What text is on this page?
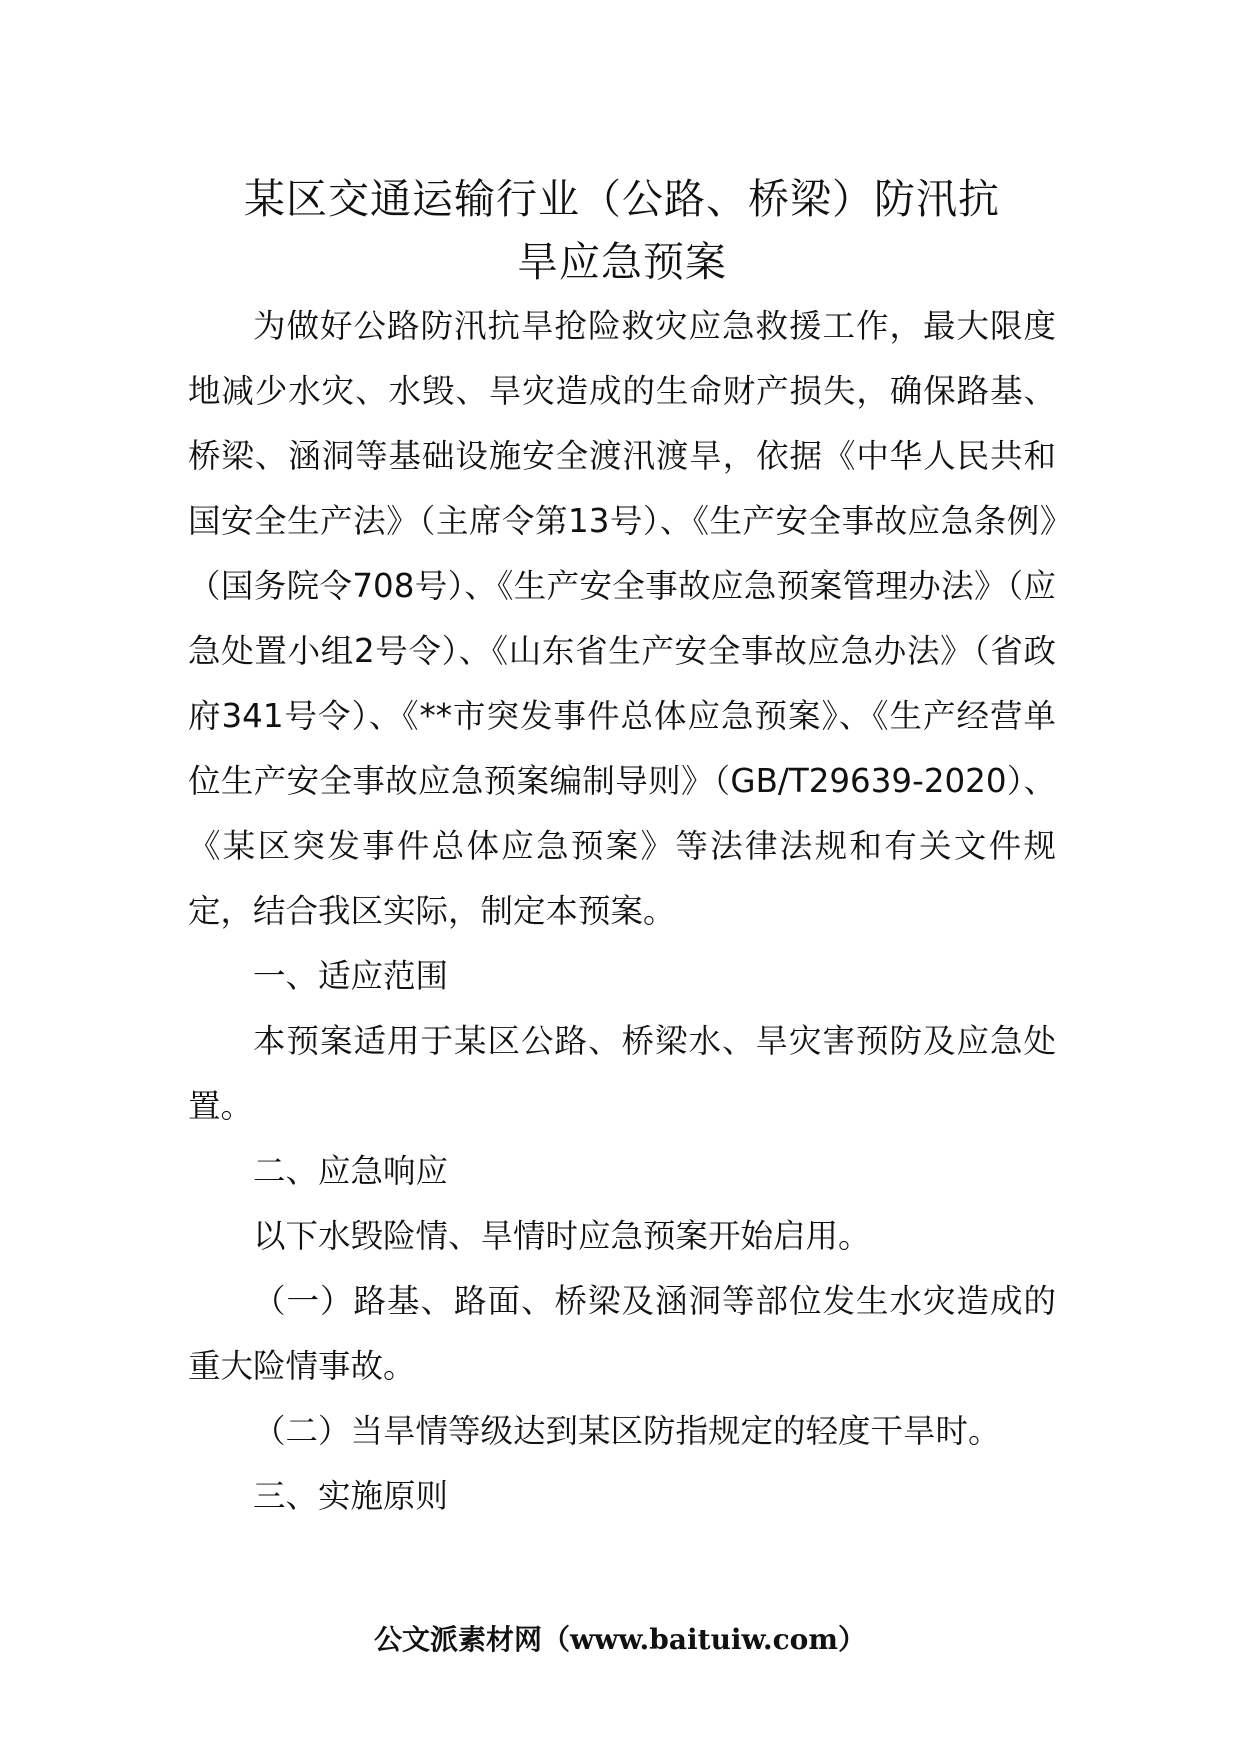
某区交通运输行业（公路、桥梁）防汛抗
旱应急预案

为做好公路防汛抗旱抢险救灾应急救援工作，最大限度地减少水灾、水毁、旱灾造成的生命财产损失，确保路基、桥梁、涵洞等基础设施安全渡汛渡旱，依据《中华人民共和国安全生产法》（主席令第13号）、《生产安全事故应急条例》（国务院令708号）、《生产安全事故应急预案管理办法》（应急处置小组2号令）、《山东省生产安全事故应急办法》（省政府341号令）、《**市突发事件总体应急预案》、《生产经营单位生产安全事故应急预案编制导则》（GB/T29639-2020）、《某区突发事件总体应急预案》等法律法规和有关文件规定，结合我区实际，制定本预案。

一、适应范围

本预案适用于某区公路、桥梁水、旱灾害预防及应急处置。

二、应急响应

以下水毁险情、旱情时应急预案开始启用。

（一）路基、路面、桥梁及涵洞等部位发生水灾造成的重大险情事故。

（二）当旱情等级达到某区防指规定的轻度干旱时。

三、实施原则

公文派素材网（www.baituiw.com）
